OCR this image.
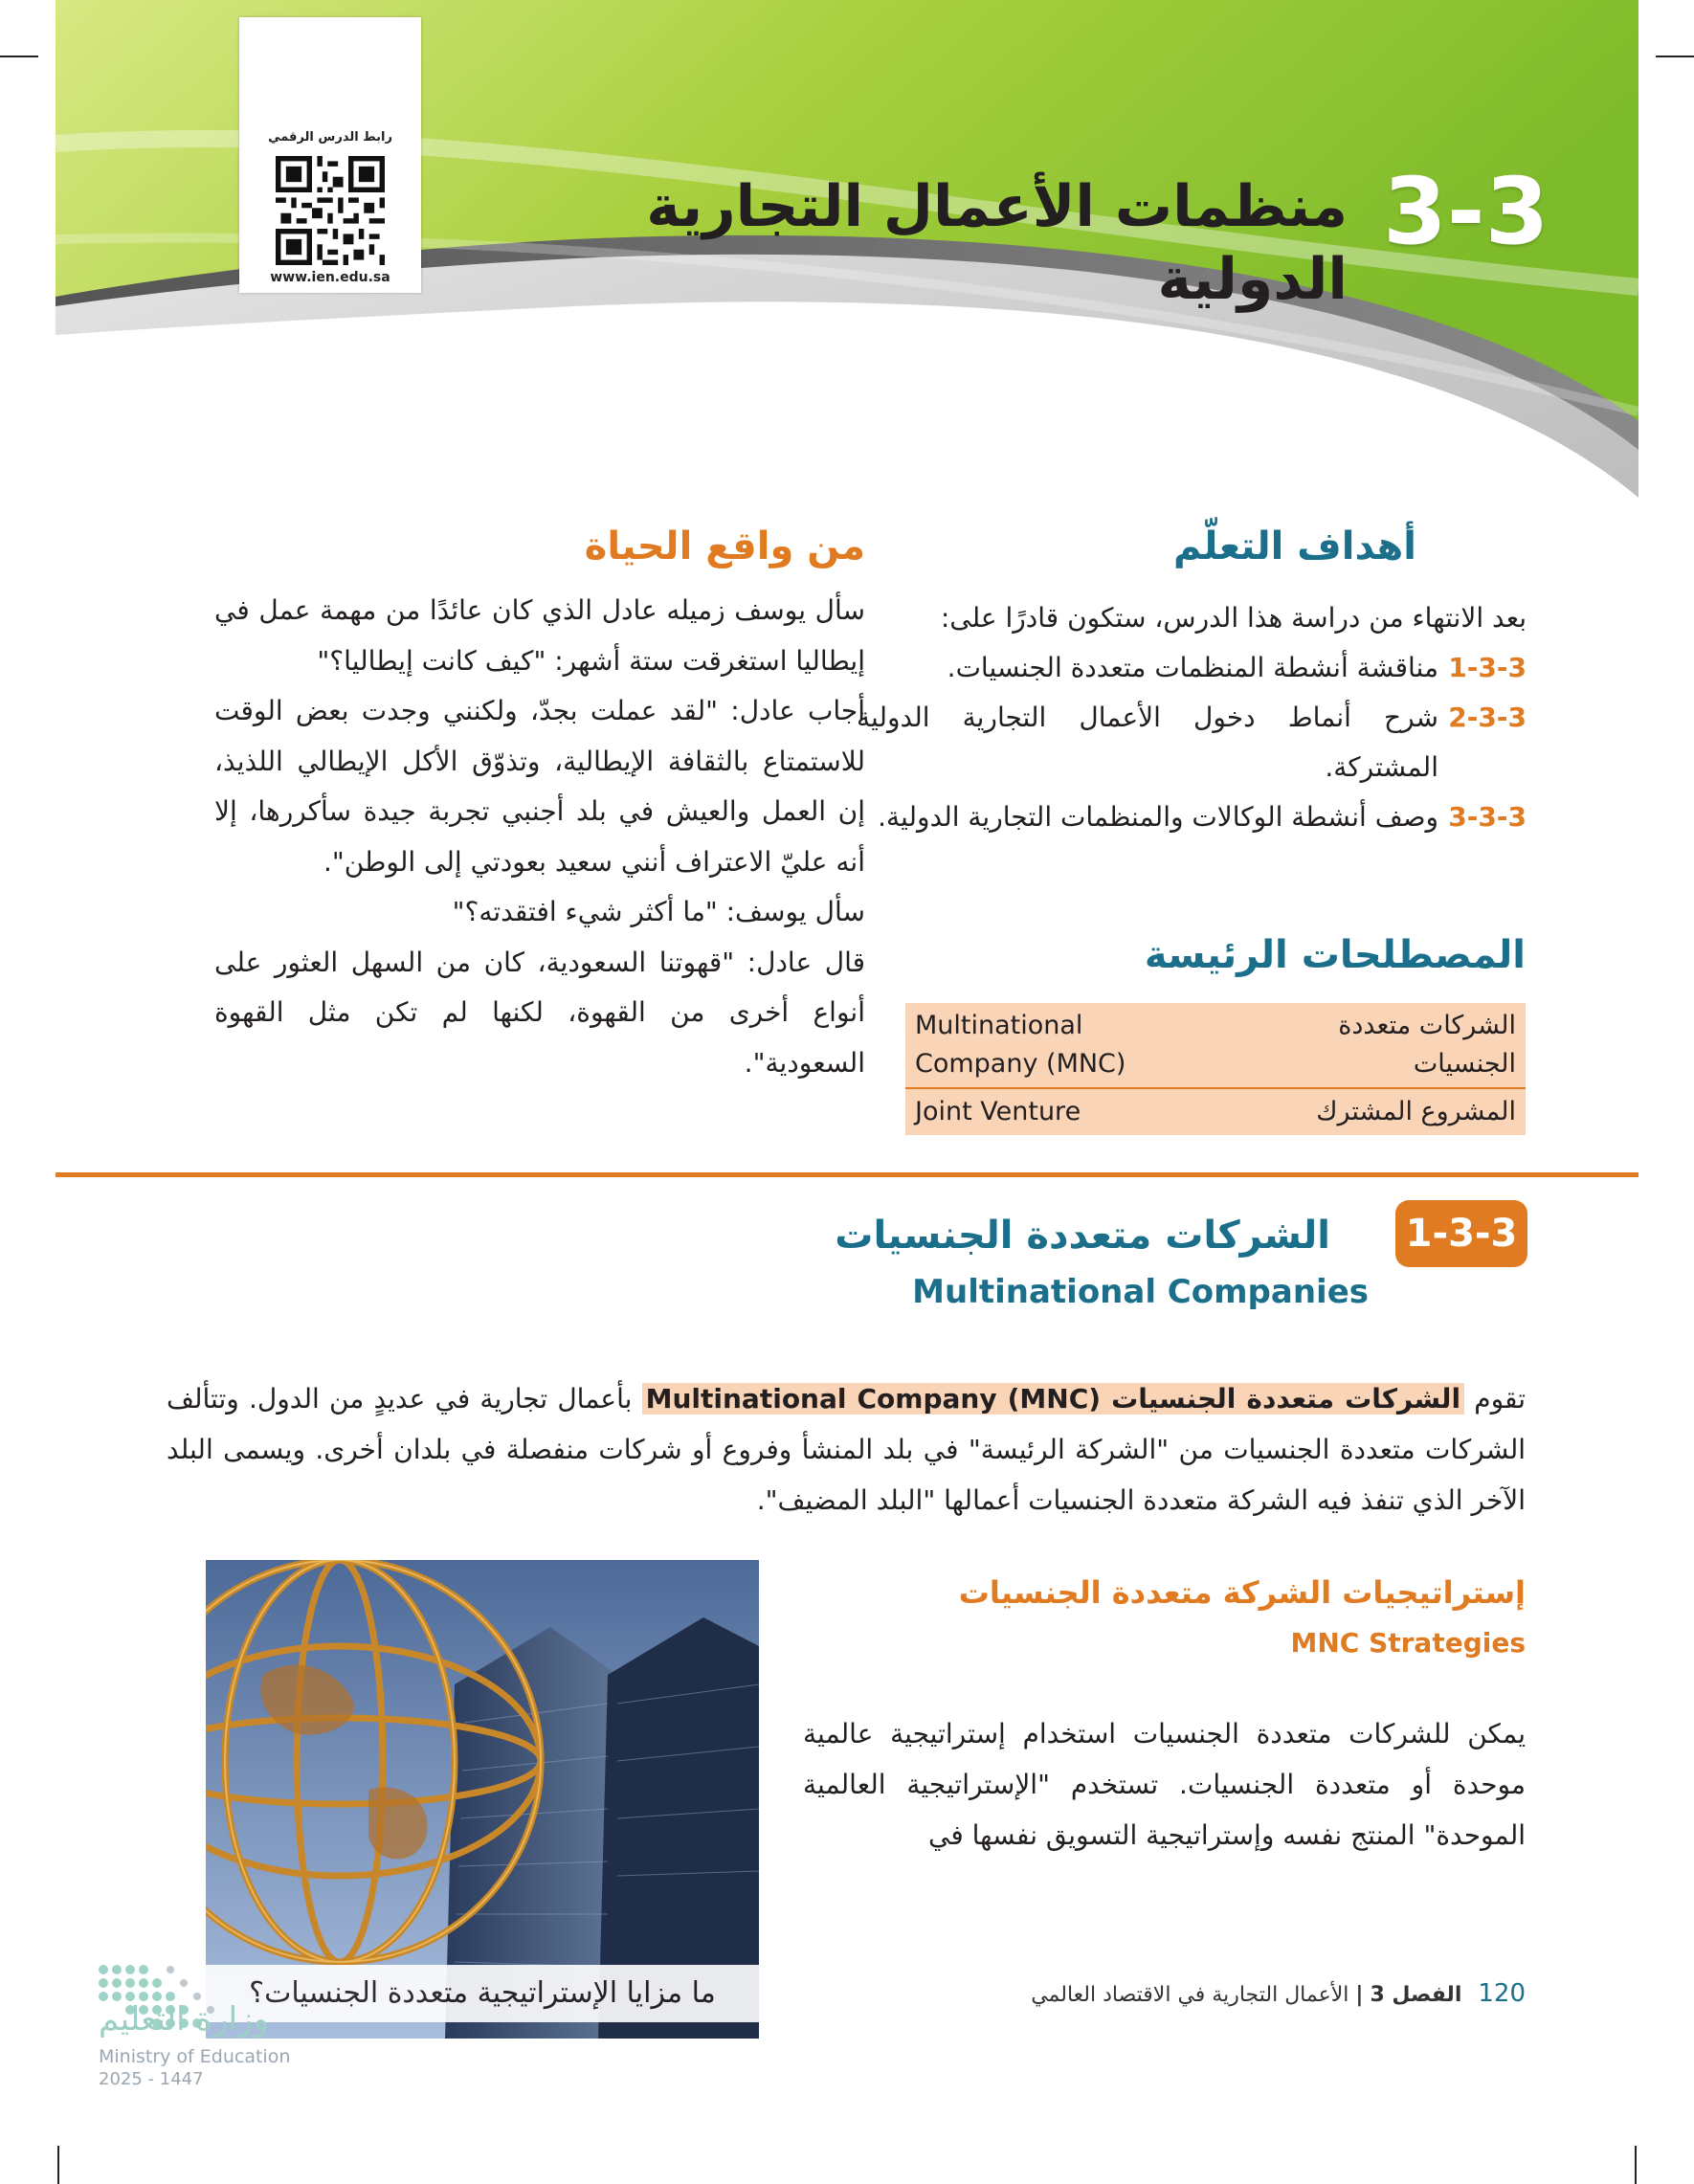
رابط الدرس الرقمي
www.ien.edu.sa
3-3
منظمات الأعمال التجارية الدولية
أهداف التعلّم
بعد الانتهاء من دراسة هذا الدرس، ستكون قادرًا على:
1-3-3
مناقشة أنشطة المنظمات متعددة الجنسيات.
2-3-3
شرح أنماط دخول الأعمال التجارية الدولية المشتركة.
3-3-3
وصف أنشطة الوكالات والمنظمات التجارية الدولية.
المصطلحات الرئيسة
الشركات متعددة الجنسيات	Multinational Company (MNC)
المشروع المشترك	Joint Venture
من واقع الحياة

سأل يوسف زميله عادل الذي كان عائدًا من مهمة عمل في إيطاليا استغرقت ستة أشهر: "كيف كانت إيطاليا؟"

أجاب عادل: "لقد عملت بجدّ، ولكنني وجدت بعض الوقت للاستمتاع بالثقافة الإيطالية، وتذوّق الأكل الإيطالي اللذيذ، إن العمل والعيش في بلد أجنبي تجربة جيدة سأكررها، إلا أنه عليّ الاعتراف أنني سعيد بعودتي إلى الوطن".

سأل يوسف: "ما أكثر شيء افتقدته؟"

قال عادل: "قهوتنا السعودية، كان من السهل العثور على أنواع أخرى من القهوة، لكنها لم تكن مثل القهوة السعودية".

1-3-3
الشركات متعددة الجنسيات
Multinational Companies
تقوم الشركات متعددة الجنسيات Multinational Company (MNC) بأعمال تجارية في عديدٍ من الدول. وتتألف الشركات متعددة الجنسيات من "الشركة الرئيسة" في بلد المنشأ وفروع أو شركات منفصلة في بلدان أخرى. ويسمى البلد الآخر الذي تنفذ فيه الشركة متعددة الجنسيات أعمالها "البلد المضيف".
ما مزايا الإستراتيجية متعددة الجنسيات؟
إستراتيجيات الشركة متعددة الجنسيات
MNC Strategies
يمكن للشركات متعددة الجنسيات استخدام إستراتيجية عالمية موحدة أو متعددة الجنسيات. تستخدم "الإستراتيجية العالمية الموحدة" المنتج نفسه وإستراتيجية التسويق نفسها في
120 الفصل 3 | الأعمال التجارية في الاقتصاد العالمي
وزارة التعليم
Ministry of Education
2025 - 1447
